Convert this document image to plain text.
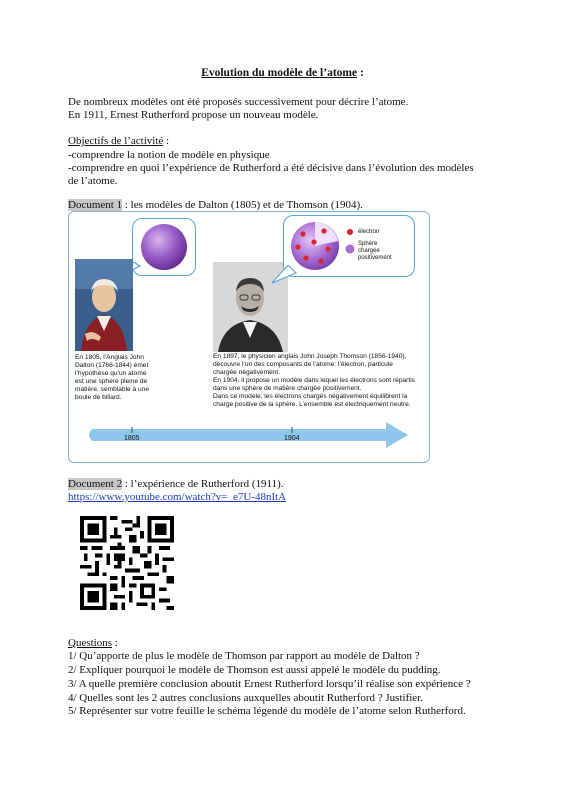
Evolution du modèle de l’atome :
De nombreux modèles ont été proposés successivement pour décrire l’atome.
En 1911, Ernest Rutherford propose un nouveau modèle.
Objectifs de l’activité :
-comprendre la notion de modèle en physique
-comprendre en quoi l’expérience de Rutherford a été décisive dans l’évolution des modèles
de l’atome.
Document 1 : les modèles de Dalton (1805) et de Thomson (1904).
En 1805, l’Anglais John
Dalton (1766-1844) émet
l’hypothèse qu’un atome
est une sphère pleine de
matière, semblable à une
boule de billard.
électron
Sphère
chargée
positivement
En 1897, le physicien anglais John Joseph Thomson (1856-1940),
découvre l’un des composants de l’atome: l’électron, particule
chargée négativement.
En 1904, il propose un modèle dans lequel les électrons sont répartis
dans une sphère de matière chargée positivement.
Dans ce modèle, les électrons chargés négativement équilibrent la
charge positive de la sphère. L’ensemble est électriquement neutre.
1805	1904
Document 2 : l’expérience de Rutherford (1911).
https://www.youtube.com/watch?v=_e7U-48nItA
Questions :
1/ Qu’apporte de plus le modèle de Thomson par rapport au modèle de Dalton ?
2/ Expliquer pourquoi le modèle de Thomson est aussi appelé le modèle du pudding.
3/ A quelle première conclusion aboutit Ernest Rutherford lorsqu’il réalise son expérience ?
4/ Quelles sont les 2 autres conclusions auxquelles aboutit Rutherford ? Justifier.
5/ Représenter sur votre feuille le schéma légendé du modèle de l’atome selon Rutherford.
